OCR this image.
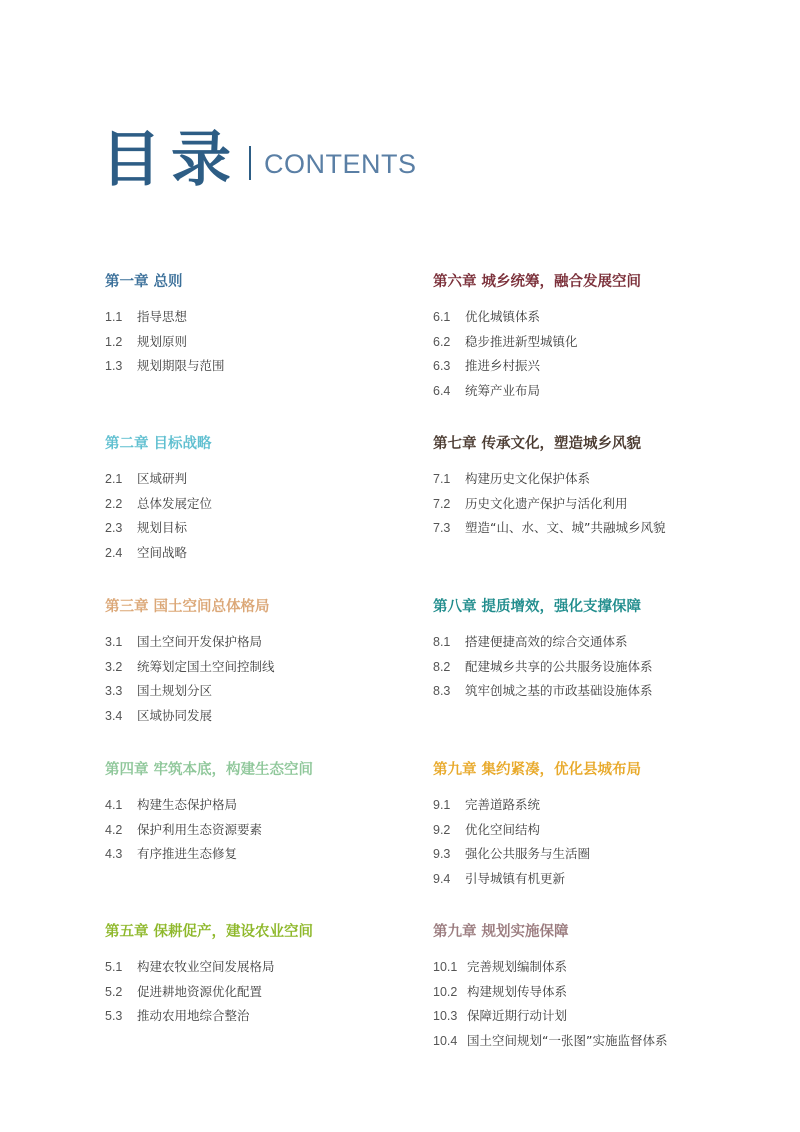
目录 CONTENTS
第一章 总则
1.1 指导思想
1.2 规划原则
1.3 规划期限与范围
第二章 目标战略
2.1 区域研判
2.2 总体发展定位
2.3 规划目标
2.4 空间战略
第三章 国土空间总体格局
3.1 国土空间开发保护格局
3.2 统筹划定国土空间控制线
3.3 国土规划分区
3.4 区域协同发展
第四章 牢筑本底，构建生态空间
4.1 构建生态保护格局
4.2 保护利用生态资源要素
4.3 有序推进生态修复
第五章 保耕促产，建设农业空间
5.1 构建农牧业空间发展格局
5.2 促进耕地资源优化配置
5.3 推动农用地综合整治
第六章 城乡统筹，融合发展空间
6.1 优化城镇体系
6.2 稳步推进新型城镇化
6.3 推进乡村振兴
6.4 统筹产业布局
第七章 传承文化，塑造城乡风貌
7.1 构建历史文化保护体系
7.2 历史文化遗产保护与活化利用
7.3 塑造“山、水、文、城”共融城乡风貌
第八章 提质增效，强化支撑保障
8.1 搭建便捷高效的综合交通体系
8.2 配建城乡共享的公共服务设施体系
8.3 筑牢创城之基的市政基础设施体系
第九章 集约紧凑，优化县城布局
9.1 完善道路系统
9.2 优化空间结构
9.3 强化公共服务与生活圈
9.4 引导城镇有机更新
第九章 规划实施保障
10.1 完善规划编制体系
10.2 构建规划传导体系
10.3 保障近期行动计划
10.4 国土空间规划“一张图”实施监督体系
